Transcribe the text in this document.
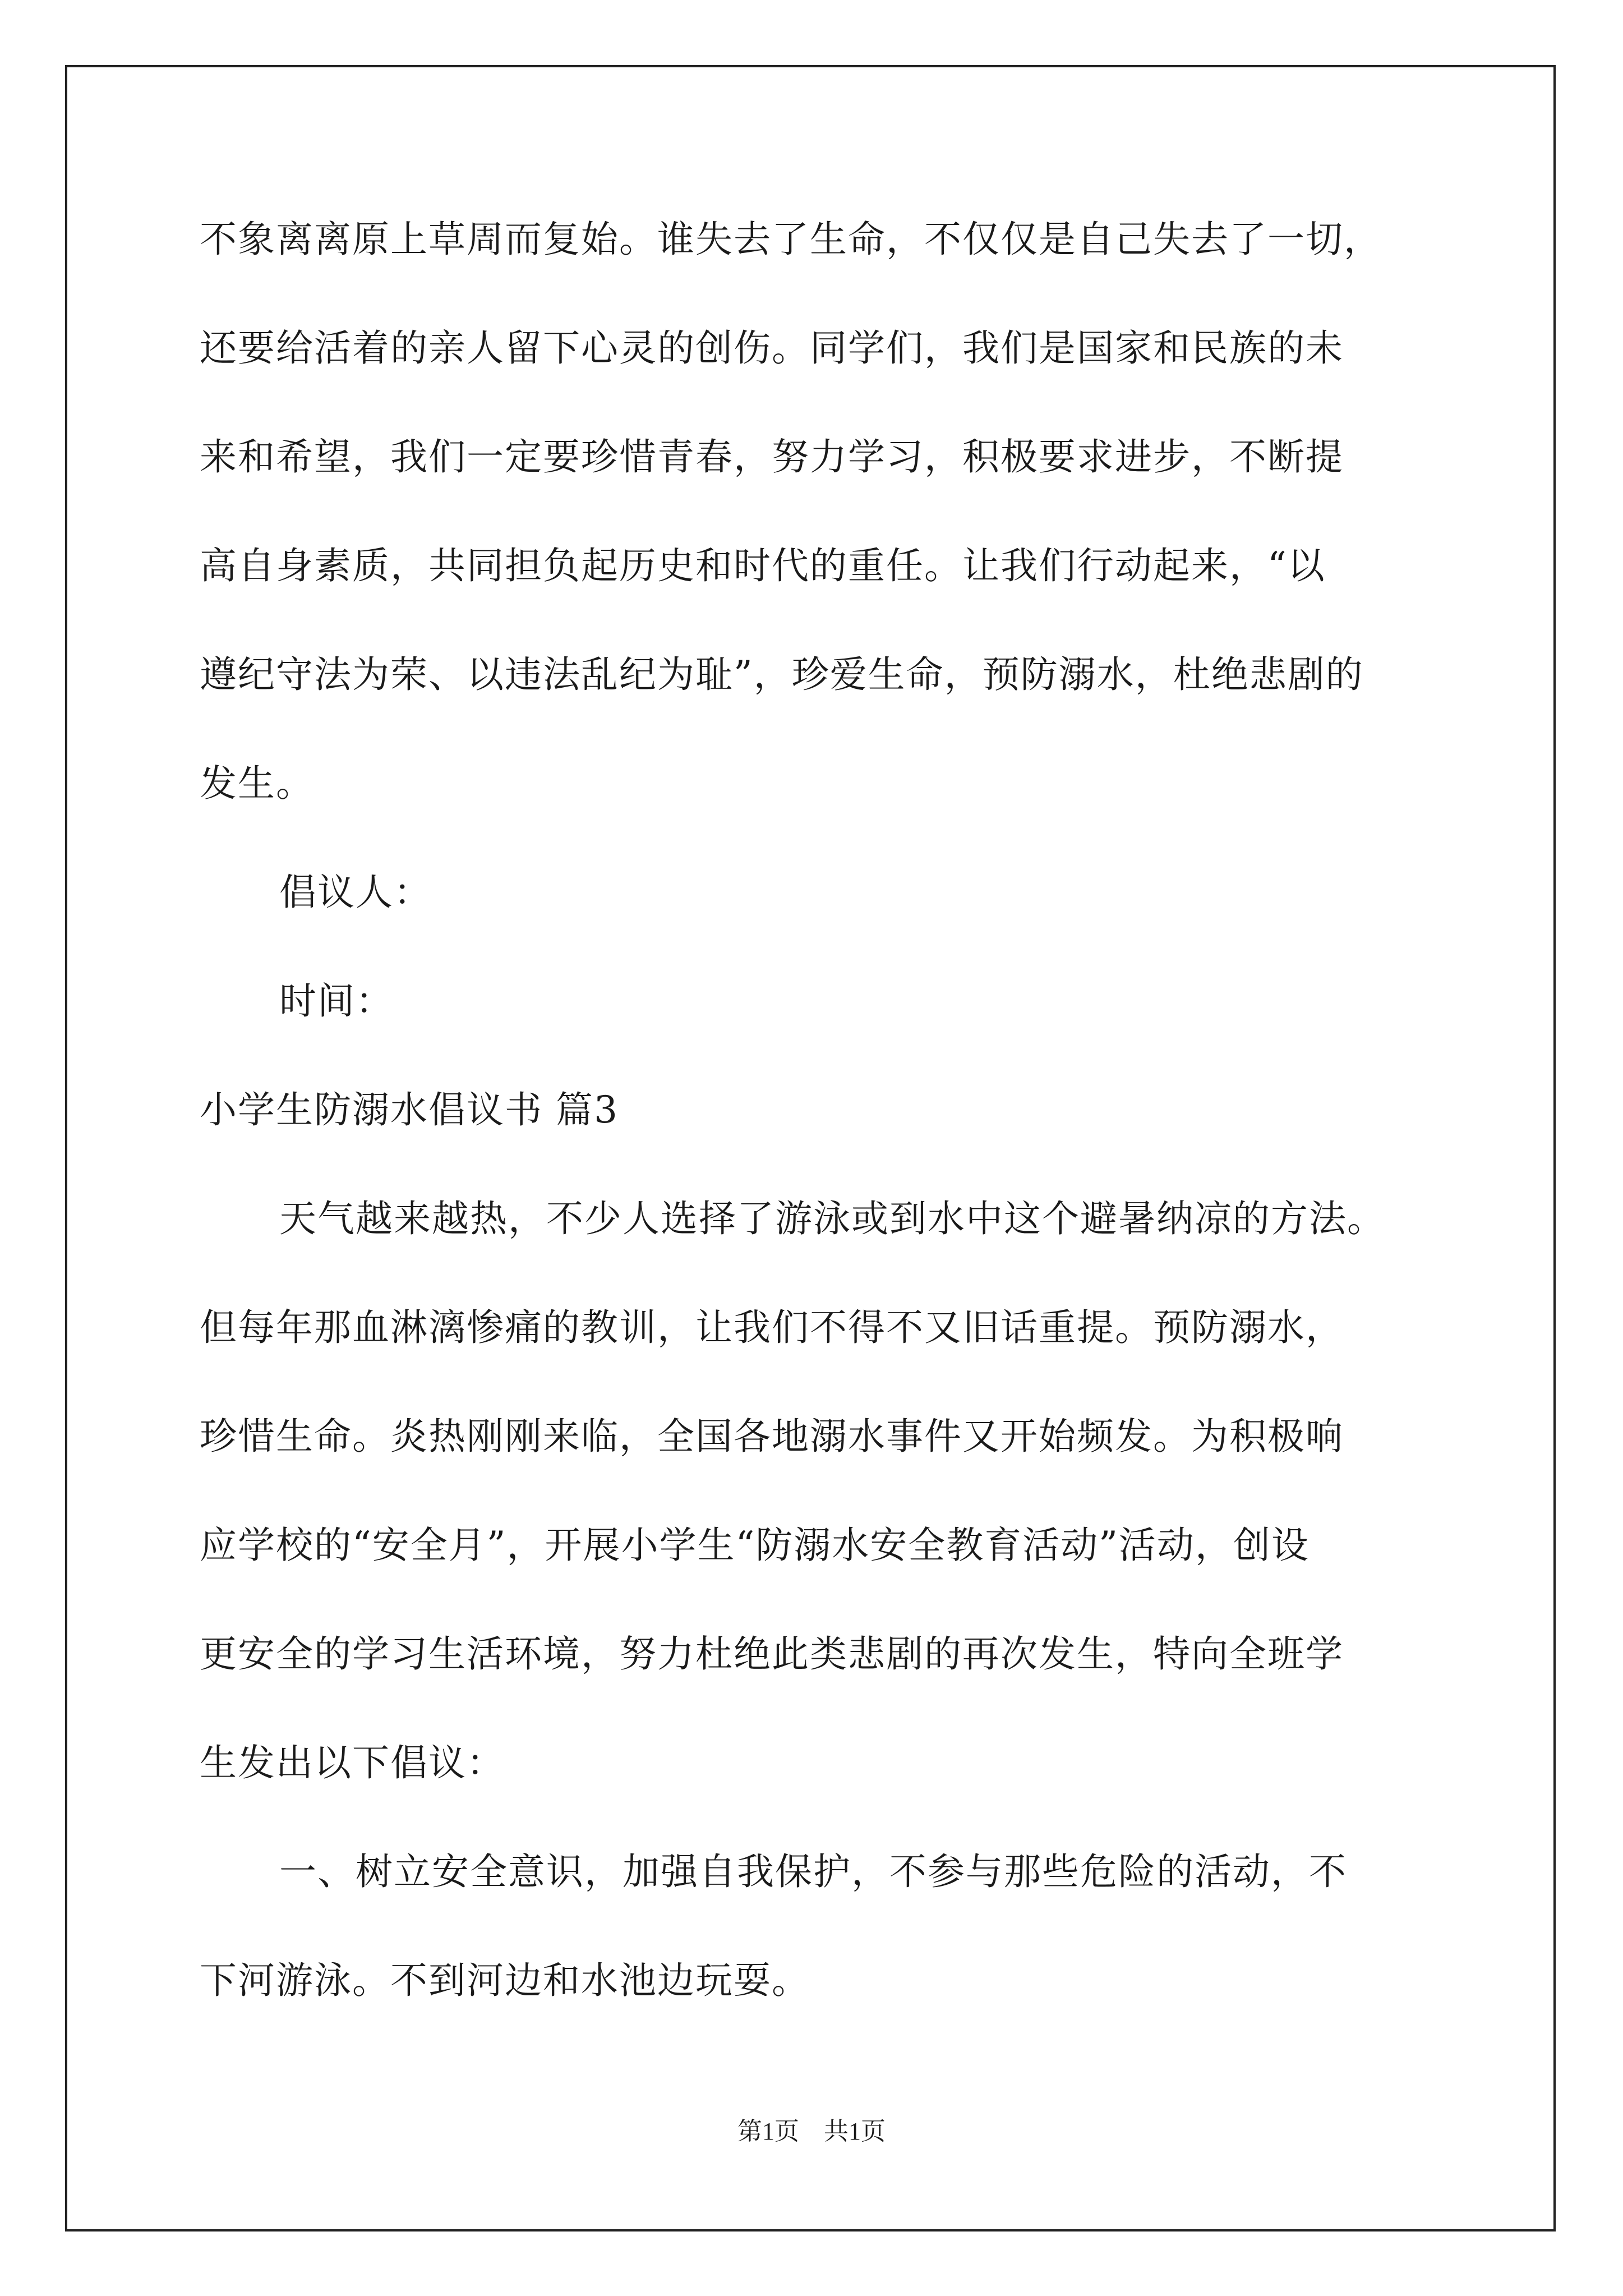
不象离离原上草周而复始。谁失去了生命，不仅仅是自己失去了一切，
还要给活着的亲人留下心灵的创伤。同学们，我们是国家和民族的未
来和希望，我们一定要珍惜青春，努力学习，积极要求进步，不断提
高自身素质，共同担负起历史和时代的重任。让我们行动起来，“以
遵纪守法为荣、以违法乱纪为耻”，珍爱生命，预防溺水，杜绝悲剧的
发生。
倡议人：
时间：
小学生防溺水倡议书 篇3
天气越来越热，不少人选择了游泳或到水中这个避暑纳凉的方法。
但每年那血淋漓惨痛的教训，让我们不得不又旧话重提。预防溺水，
珍惜生命。炎热刚刚来临，全国各地溺水事件又开始频发。为积极响
应学校的“安全月”，开展小学生“防溺水安全教育活动”活动，创设
更安全的学习生活环境，努力杜绝此类悲剧的再次发生，特向全班学
生发出以下倡议：
一、树立安全意识，加强自我保护，不参与那些危险的活动，不
下河游泳。不到河边和水池边玩耍。
第1页 共1页
